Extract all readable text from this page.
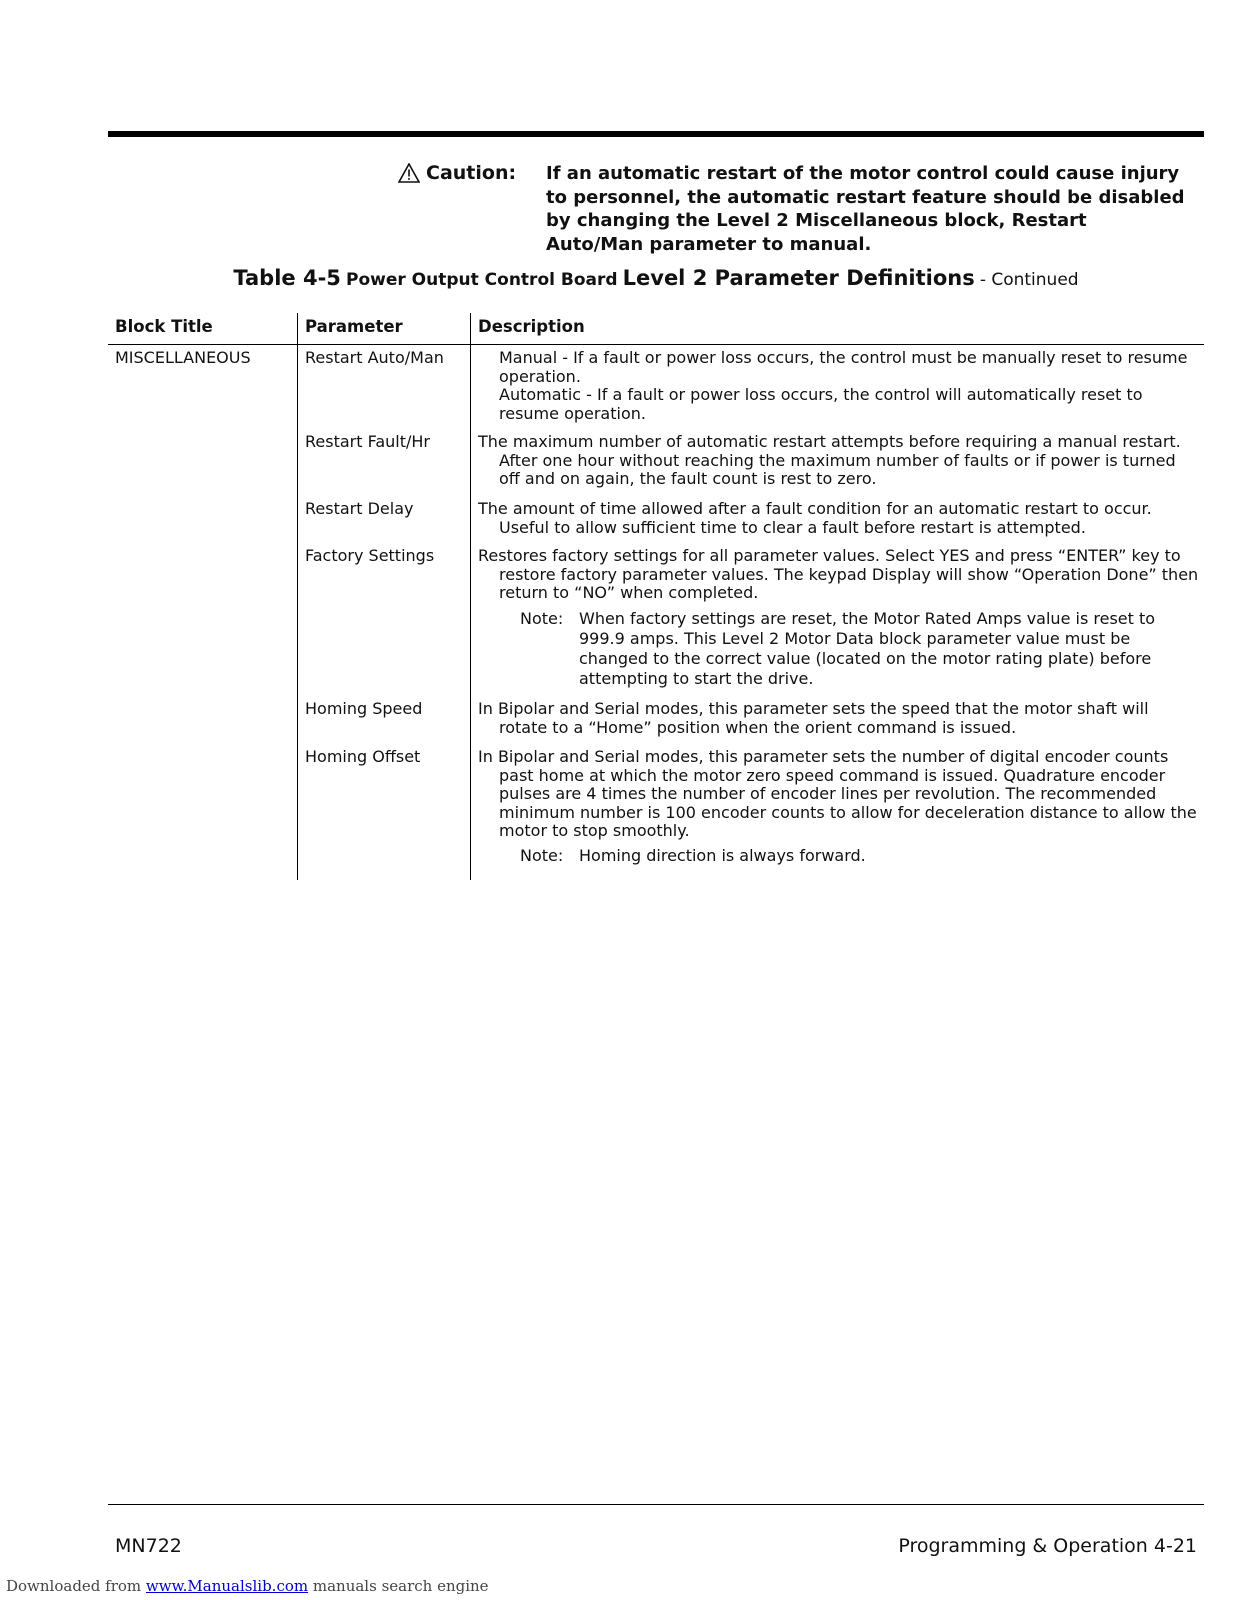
Caution: If an automatic restart of the motor control could cause injury to personnel, the automatic restart feature should be disabled by changing the Level 2 Miscellaneous block, Restart Auto/Man parameter to manual.
Table 4-5 Power Output Control Board Level 2 Parameter Definitions - Continued
Block Title	Parameter	Description
MISCELLANEOUS	Restart Auto/Man	Manual - If a fault or power loss occurs, the control must be manually reset to resume operation.

Automatic - If a fault or power loss occurs, the control will automatically reset to resume operation.

Restart Fault/Hr	The maximum number of automatic restart attempts before requiring a manual restart. After one hour without reaching the maximum number of faults or if power is turned off and on again, the fault count is rest to zero.

Restart Delay	The amount of time allowed after a fault condition for an automatic restart to occur. Useful to allow sufficient time to clear a fault before restart is attempted.

Factory Settings	Restores factory settings for all parameter values. Select YES and press “ENTER” key to restore factory parameter values. The keypad Display will show “Operation Done” then return to “NO” when completed.

Note: When factory settings are reset, the Motor Rated Amps value is reset to 999.9 amps. This Level 2 Motor Data block parameter value must be changed to the correct value (located on the motor rating plate) before attempting to start the drive.
Homing Speed	In Bipolar and Serial modes, this parameter sets the speed that the motor shaft will rotate to a “Home” position when the orient command is issued.

Homing Offset	In Bipolar and Serial modes, this parameter sets the number of digital encoder counts past home at which the motor zero speed command is issued. Quadrature encoder pulses are 4 times the number of encoder lines per revolution. The recommended minimum number is 100 encoder counts to allow for deceleration distance to allow the motor to stop smoothly.

Note: Homing direction is always forward.
MN722	Programming & Operation 4-21
Downloaded from www.Manualslib.com manuals search engine
